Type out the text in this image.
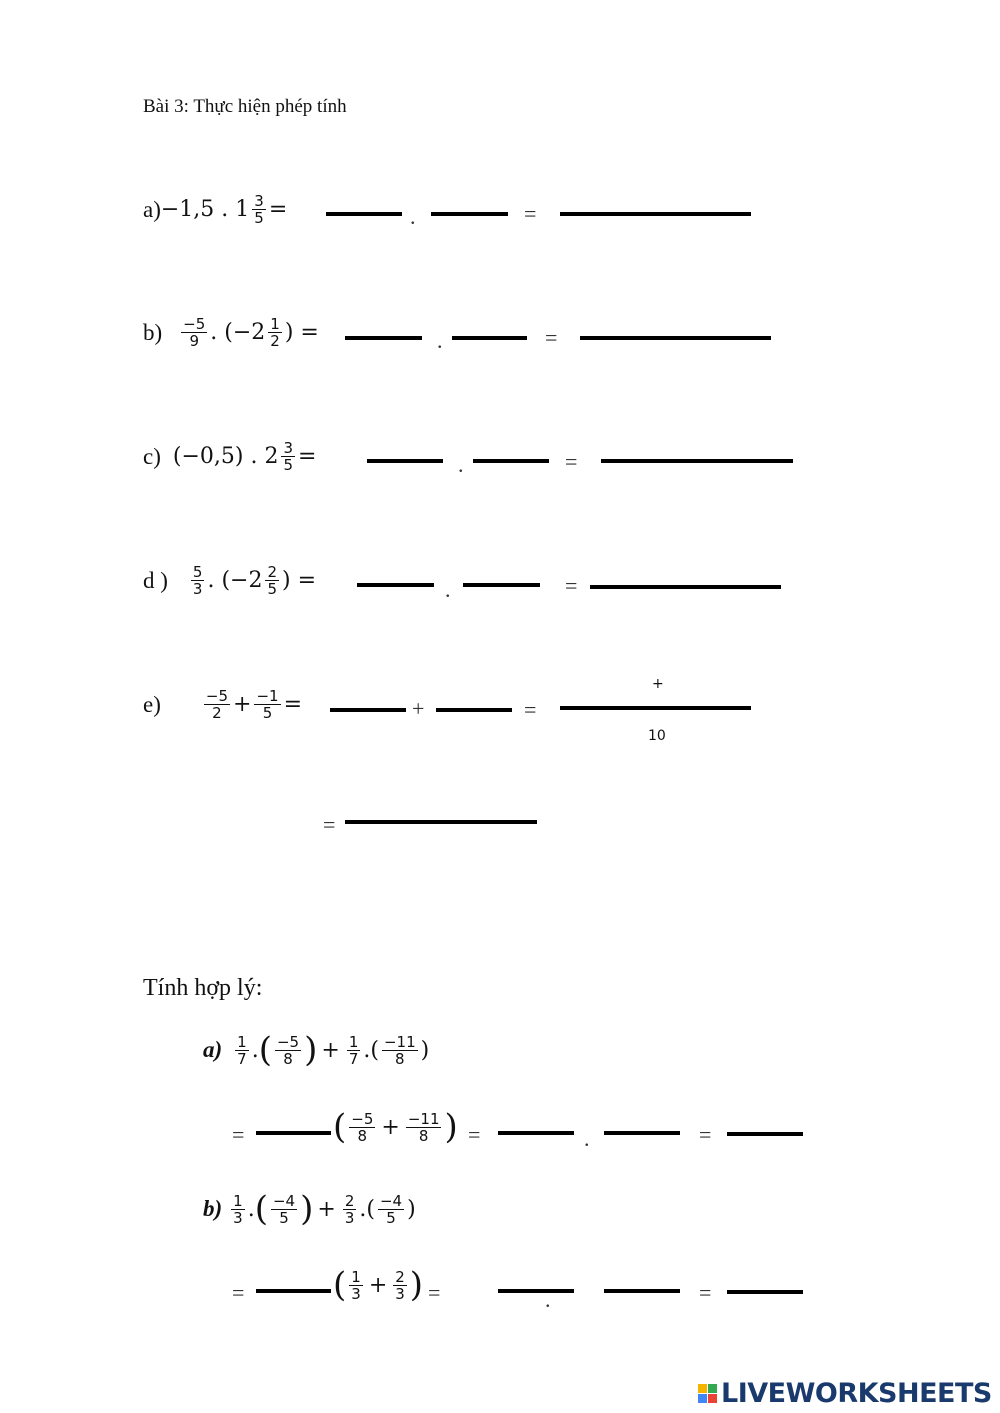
Bài 3: Thực hiện phép tính
a) −1,5 . $1 \frac{3}{5}$ =	.	=
$b) \frac{-5}{9}$ . ($-2 \frac{1}{2}$ ) =	.	=
c) (−0,5) . $2 \frac{3}{5}$ =	.	=
d ) $\frac{5}{3}$ . ($-2 \frac{2}{5}$ ) =	.	=
e)	$\frac{-5}{2} + \frac{-1}{5}$ =	+	=
+
10
=
Tính hợp lý:
$a) \frac{1}{7}$ . ( $\frac{-5}{8}$ ) + $\frac{1}{7}$ . ( $\frac{-11}{8}$ )
=	( $\frac{-5}{8} + \frac{-11}{8}$ ) =	.	=
$b) \frac{1}{3}$ . ( $\frac{-4}{5}$ ) + $\frac{2}{3}$ . ( $\frac{-4}{5}$ )
=	( $\frac{1}{3} + \frac{2}{3}$ ) =	.	=
LIVEWORKSHEETS
